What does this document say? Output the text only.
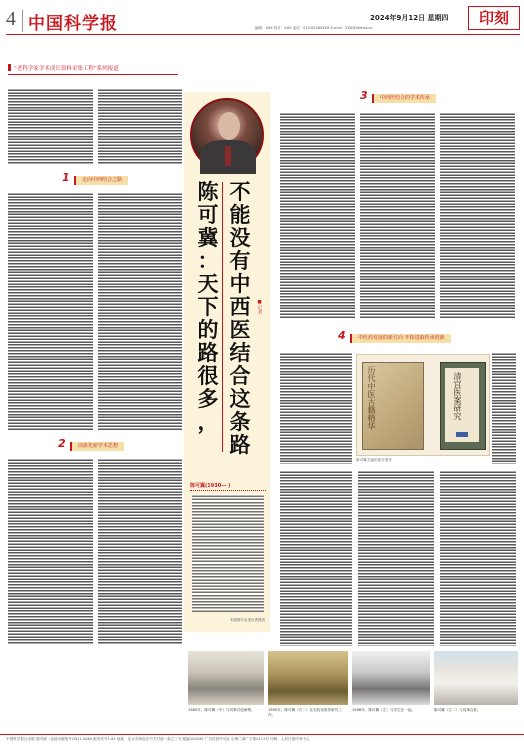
4 中国科学报	2024年9月12日 星期四	印刻
编辑：XXX 校对：XXX 电话：010-6258XXXX E-mail：XXX@stimes.cn
“老科学家学术成长资料采集工程”系列报道
1	走向中西结合之路
2	活血化瘀学术思想
不
能
没
有
中
西
医
结
合
这
条
路
陈
可
冀
：
天
下
的
路
很
多
，
■记者
陈可冀(1930— )
本版图片由受访者提供
3	中西医结合的学术传承
4	中医药发展的新方向 开拓进取传承创新
历代中医古籍精华	清宫医案研究
陈可冀主编的部分著作
1980年，陈可冀（中）与同事讨论病例。	1990年，陈可冀（右二）在实验室指导研究工作。
1998年，陈可冀（左）与学生在一起。	陈可冀（左二）与同事合影。
中国科学报社出版 国内统一连续出版物号CN11-0084 邮发代号1-82 地址：北京市海淀区中关村南一条乙三号 邮编100190 广告经营许可证 京海工商广字第0111号 印刷：人民日报印务中心
